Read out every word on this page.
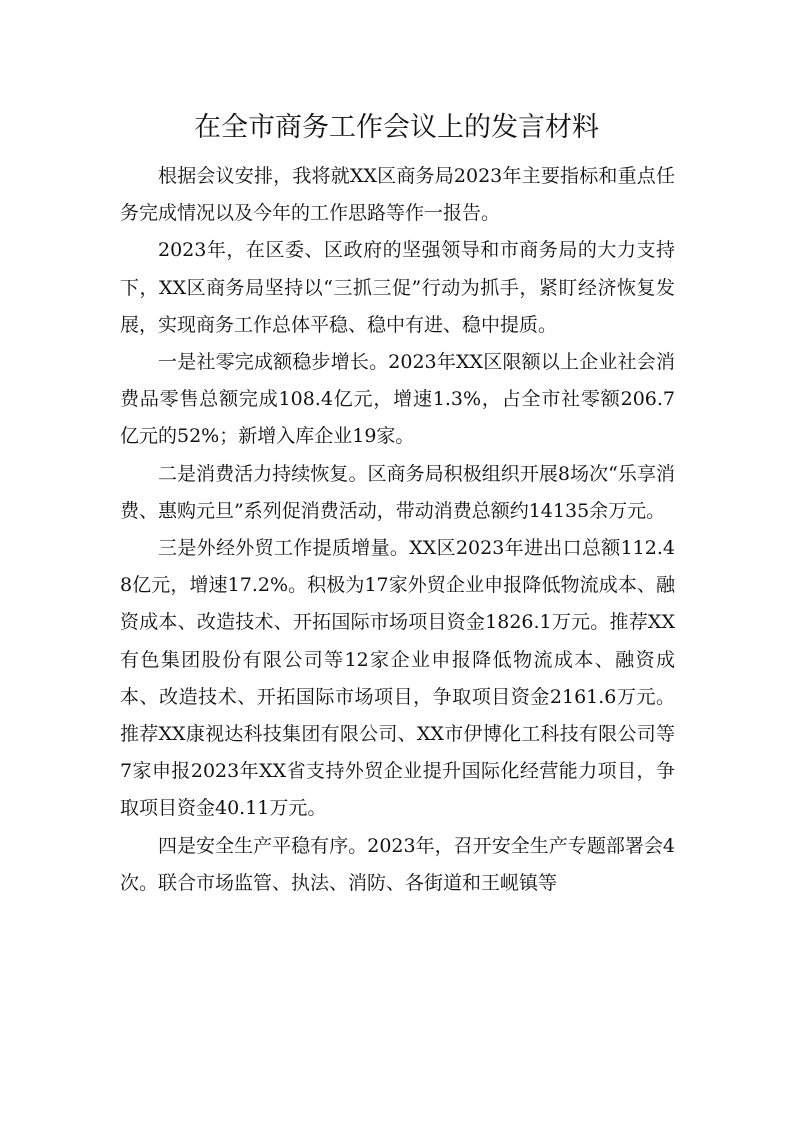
在全市商务工作会议上的发言材料

根据会议安排，我将就XX区商务局2023年主要指标和重点任务完成情况以及今年的工作思路等作一报告。

2023年，在区委、区政府的坚强领导和市商务局的大力支持下，XX区商务局坚持以“三抓三促”行动为抓手，紧盯经济恢复发展，实现商务工作总体平稳、稳中有进、稳中提质。

一是社零完成额稳步增长。2023年XX区限额以上企业社会消费品零售总额完成108.4亿元，增速1.3%，占全市社零额206.7亿元的52%；新增入库企业19家。

二是消费活力持续恢复。区商务局积极组织开展8场次“乐享消费、惠购元旦”系列促消费活动，带动消费总额约14135余万元。

三是外经外贸工作提质增量。XX区2023年进出口总额112.48亿元，增速17.2%。积极为17家外贸企业申报降低物流成本、融资成本、改造技术、开拓国际市场项目资金1826.1万元。推荐XX有色集团股份有限公司等12家企业申报降低物流成本、融资成本、改造技术、开拓国际市场项目，争取项目资金2161.6万元。推荐XX康视达科技集团有限公司、XX市伊博化工科技有限公司等7家申报2023年XX省支持外贸企业提升国际化经营能力项目，争取项目资金40.11万元。

四是安全生产平稳有序。2023年，召开安全生产专题部署会4次。联合市场监管、执法、消防、各街道和王岘镇等
